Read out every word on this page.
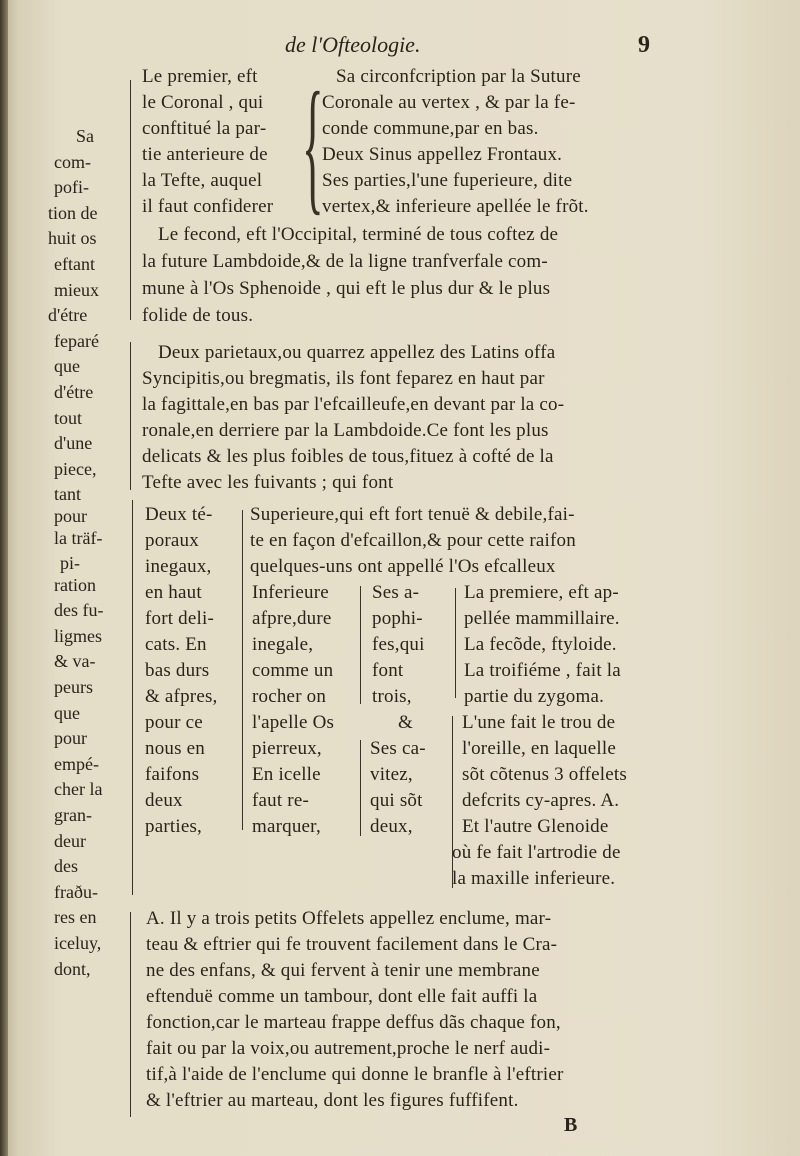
de l'Ofteologie.	9
Sa
com-
pofi-
tion de
huit os
eftant
mieux
d'étre
feparé
que
d'étre
tout
d'une
piece,
tant
pour
la träf-
pi-
ration
des fu-
ligmes
& va-
peurs
que
pour
empé-
cher la
gran-
deur
des
fraðu-
res en
iceluy,
dont,
Le premier, eft
le Coronal , qui
conftitué la par-
tie anterieure de
la Tefte, auquel
il faut confiderer { Sa circonfcription par la Suture
Coronale au vertex , & par la fe-
conde commune,par en bas.
Deux Sinus appellez Frontaux.
Ses parties,l'une fuperieure, dite
vertex,& inferieure apellée le frõt.
Le fecond, eft l'Occipital, terminé de tous coftez de
la future Lambdoide,& de la ligne tranfverfale com-
mune à l'Os Sphenoide , qui eft le plus dur & le plus
folide de tous.
Deux parietaux,ou quarrez appellez des Latins offa
Syncipitis,ou bregmatis, ils font feparez en haut par
la fagittale,en bas par l'efcailleufe,en devant par la co-
ronale,en derriere par la Lambdoide.Ce font les plus
delicats & les plus foibles de tous,fituez à cofté de la
Tefte avec les fuivants ; qui font
Deux té-
poraux
inegaux,
en haut
fort deli-
cats. En
bas durs
& afpres,
pour ce
nous en
faifons
deux
parties,
Superieure,qui eft fort tenuë & debile,fai-
te en façon d'efcaillon,& pour cette raifon
quelques-uns ont appellé l'Os efcalleux
Inferieure
afpre,dure
inegale,
comme un
rocher on
l'apelle Os
pierreux,
En icelle
faut re-
marquer,
Ses a-
pophi-
fes,qui
font
trois,
&
La premiere, eft ap-
pellée mammillaire.
La fecõde, ftyloide.
La troifiéme , fait la
partie du zygoma.
Ses ca-
vitez,
qui sõt
deux,
L'une fait le trou de
l'oreille, en laquelle
sõt cõtenus 3 offelets
defcrits cy-apres. A.
Et l'autre Glenoide
où fe fait l'artrodie de
la maxille inferieure.
A. Il y a trois petits Offelets appellez enclume, mar-
teau & eftrier qui fe trouvent facilement dans le Cra-
ne des enfans, & qui fervent à tenir une membrane
eftenduë comme un tambour, dont elle fait auffi la
fonction,car le marteau frappe deffus dãs chaque fon,
fait ou par la voix,ou autrement,proche le nerf audi-
tif,à l'aide de l'enclume qui donne le branfle à l'eftrier
& l'eftrier au marteau, dont les figures fuffifent.
B
